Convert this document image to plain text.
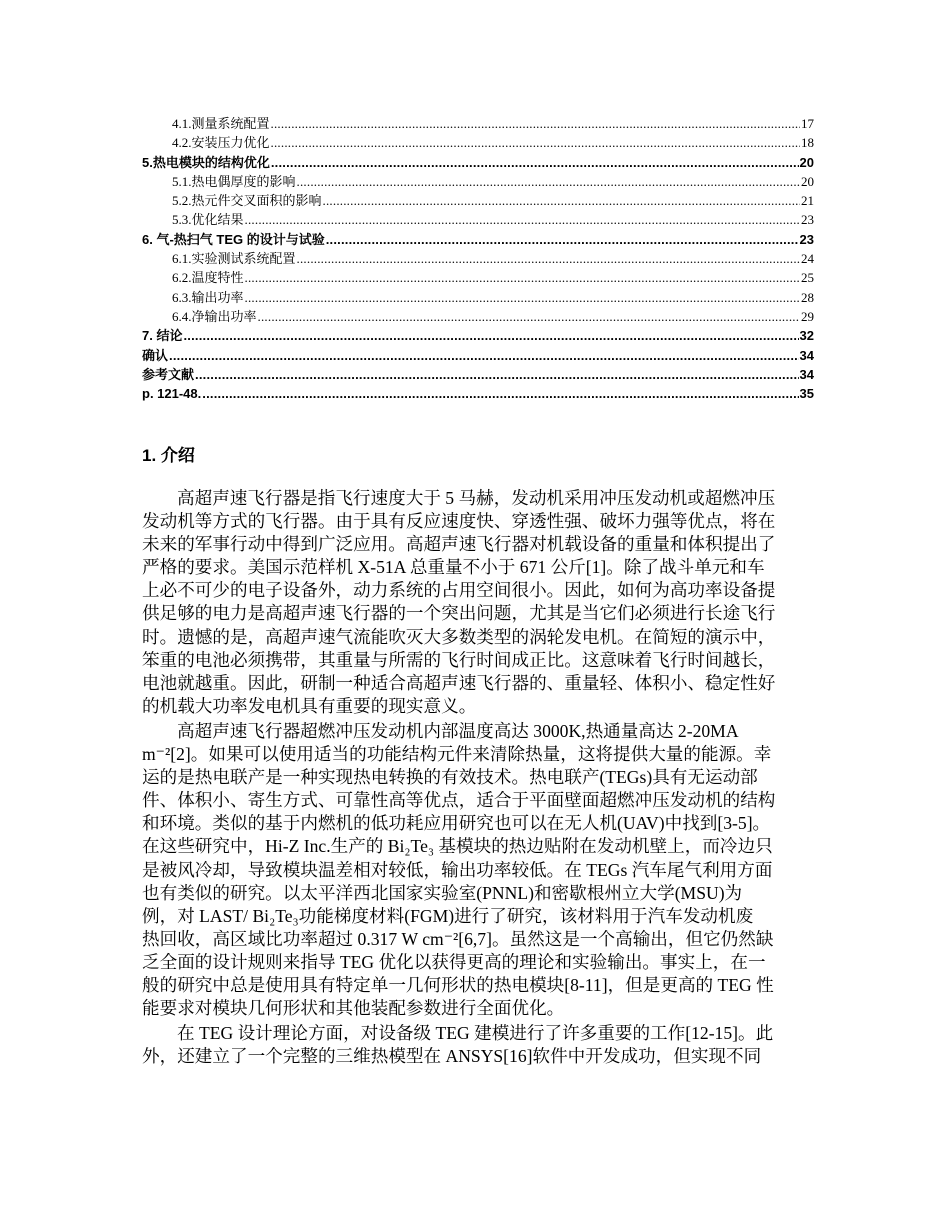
4.1.测量系统配置 .....	17
4.2.安装压力优化 .....	18
5.热电模块的结构优化 .....	20
5.1.热电偶厚度的影响 .....	20
5.2.热元件交叉面积的影响 .....	21
5.3.优化结果 .....	23
6. 气-热扫气 TEG 的设计与试验 .....	23
6.1.实验测试系统配置 .....	24
6.2.温度特性 .....	25
6.3.输出功率 .....	28
6.4.净输出功率 .....	29
7. 结论 .....	32
确认 .....	34
参考文献 .....	34
p. 121-48. .....	35
1. 介绍

高超声速飞行器是指飞行速度大于 5 马赫，发动机采用冲压发动机或超燃冲压
发动机等方式的飞行器。由于具有反应速度快、穿透性强、破坏力强等优点，将在
未来的军事行动中得到广泛应用。高超声速飞行器对机载设备的重量和体积提出了
严格的要求。美国示范样机 X-51A 总重量不小于 671 公斤[1]。除了战斗单元和车
上必不可少的电子设备外，动力系统的占用空间很小。因此，如何为高功率设备提
供足够的电力是高超声速飞行器的一个突出问题，尤其是当它们必须进行长途飞行
时。遗憾的是，高超声速气流能吹灭大多数类型的涡轮发电机。在简短的演示中，
笨重的电池必须携带，其重量与所需的飞行时间成正比。这意味着飞行时间越长，
电池就越重。因此，研制一种适合高超声速飞行器的、重量轻、体积小、稳定性好
的机载大功率发电机具有重要的现实意义。

高超声速飞行器超燃冲压发动机内部温度高达 3000K,热通量高达 2-20MA
m⁻²[2]。如果可以使用适当的功能结构元件来清除热量，这将提供大量的能源。幸
运的是热电联产是一种实现热电转换的有效技术。热电联产(TEGs)具有无运动部
件、体积小、寄生方式、可靠性高等优点，适合于平面壁面超燃冲压发动机的结构
和环境。类似的基于内燃机的低功耗应用研究也可以在无人机(UAV)中找到[3-5]。
在这些研究中，Hi-Z Inc.生产的 Bi₂Te₃ 基模块的热边贴附在发动机壁上，而冷边只
是被风冷却，导致模块温差相对较低，输出功率较低。在 TEGs 汽车尾气利用方面
也有类似的研究。以太平洋西北国家实验室(PNNL)和密歇根州立大学(MSU)为
例，对 LAST/ Bi₂Te₃功能梯度材料(FGM)进行了研究，该材料用于汽车发动机废
热回收，高区域比功率超过 0.317 W cm⁻²[6,7]。虽然这是一个高输出，但它仍然缺
乏全面的设计规则来指导 TEG 优化以获得更高的理论和实验输出。事实上，在一
般的研究中总是使用具有特定单一几何形状的热电模块[8-11]，但是更高的 TEG 性
能要求对模块几何形状和其他装配参数进行全面优化。

在 TEG 设计理论方面，对设备级 TEG 建模进行了许多重要的工作[12-15]。此
外，还建立了一个完整的三维热模型在 ANSYS[16]软件中开发成功，但实现不同
